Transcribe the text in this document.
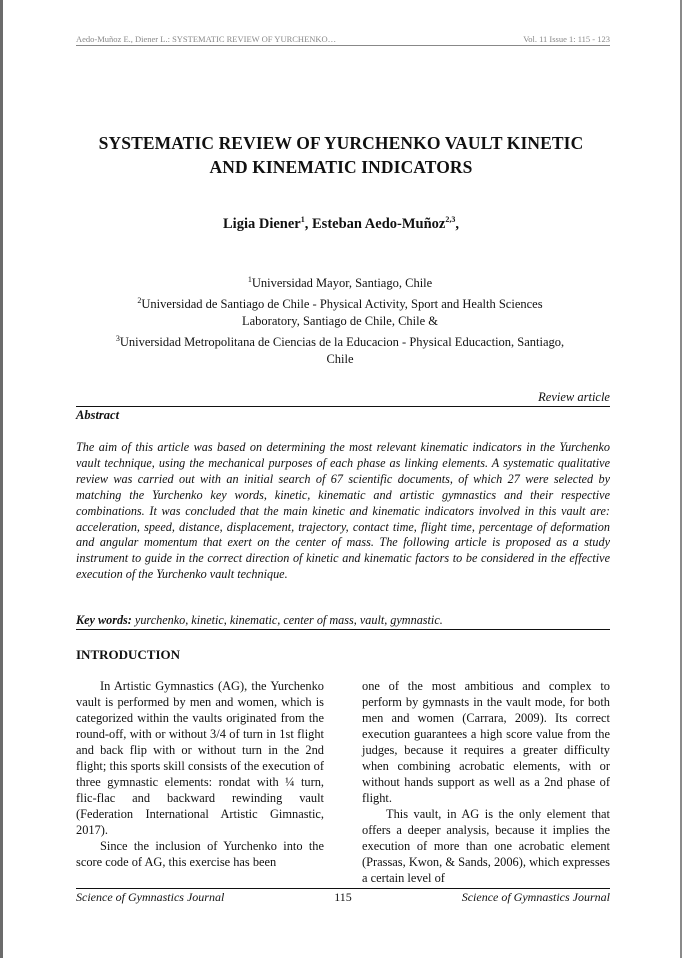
Aedo-Muñoz E., Diener L.: SYSTEMATIC REVIEW OF YURCHENKO…	Vol. 11 Issue 1: 115 - 123
SYSTEMATIC REVIEW OF YURCHENKO VAULT KINETIC
AND KINEMATIC INDICATORS
Ligia Diener$^1$, Esteban Aedo-Muñoz$^{2,3}$,
$^1$Universidad Mayor, Santiago, Chile
$^2$Universidad de Santiago de Chile - Physical Activity, Sport and Health Sciences
Laboratory, Santiago de Chile, Chile &
$^3$Universidad Metropolitana de Ciencias de la Educacion - Physical Educaction, Santiago,
Chile
Review article
Abstract
The aim of this article was based on determining the most relevant kinematic indicators in the Yurchenko vault technique, using the mechanical purposes of each phase as linking elements. A systematic qualitative review was carried out with an initial search of 67 scientific documents, of which 27 were selected by matching the Yurchenko key words, kinetic, kinematic and artistic gymnastics and their respective combinations. It was concluded that the main kinetic and kinematic indicators involved in this vault are: acceleration, speed, distance, displacement, trajectory, contact time, flight time, percentage of deformation and angular momentum that exert on the center of mass. The following article is proposed as a study instrument to guide in the correct direction of kinetic and kinematic factors to be considered in the effective execution of the Yurchenko vault technique.
Key words: yurchenko, kinetic, kinematic, center of mass, vault, gymnastic.
INTRODUCTION

In Artistic Gymnastics (AG), the Yurchenko vault is performed by men and women, which is categorized within the vaults originated from the round-off, with or without 3/4 of turn in 1st flight and back flip with or without turn in the 2nd flight; this sports skill consists of the execution of three gymnastic elements: rondat with ¼ turn, flic-flac and backward rewinding vault (Federation International Artistic Gimnastic, 2017).

Since the inclusion of Yurchenko into the score code of AG, this exercise has been

one of the most ambitious and complex to perform by gymnasts in the vault mode, for both men and women (Carrara, 2009). Its correct execution guarantees a high score value from the judges, because it requires a greater difficulty when combining acrobatic elements, with or without hands support as well as a 2nd phase of flight.

This vault, in AG is the only element that offers a deeper analysis, because it implies the execution of more than one acrobatic element (Prassas, Kwon, & Sands, 2006), which expresses a certain level of

Science of Gymnastics Journal	115	Science of Gymnastics Journal
